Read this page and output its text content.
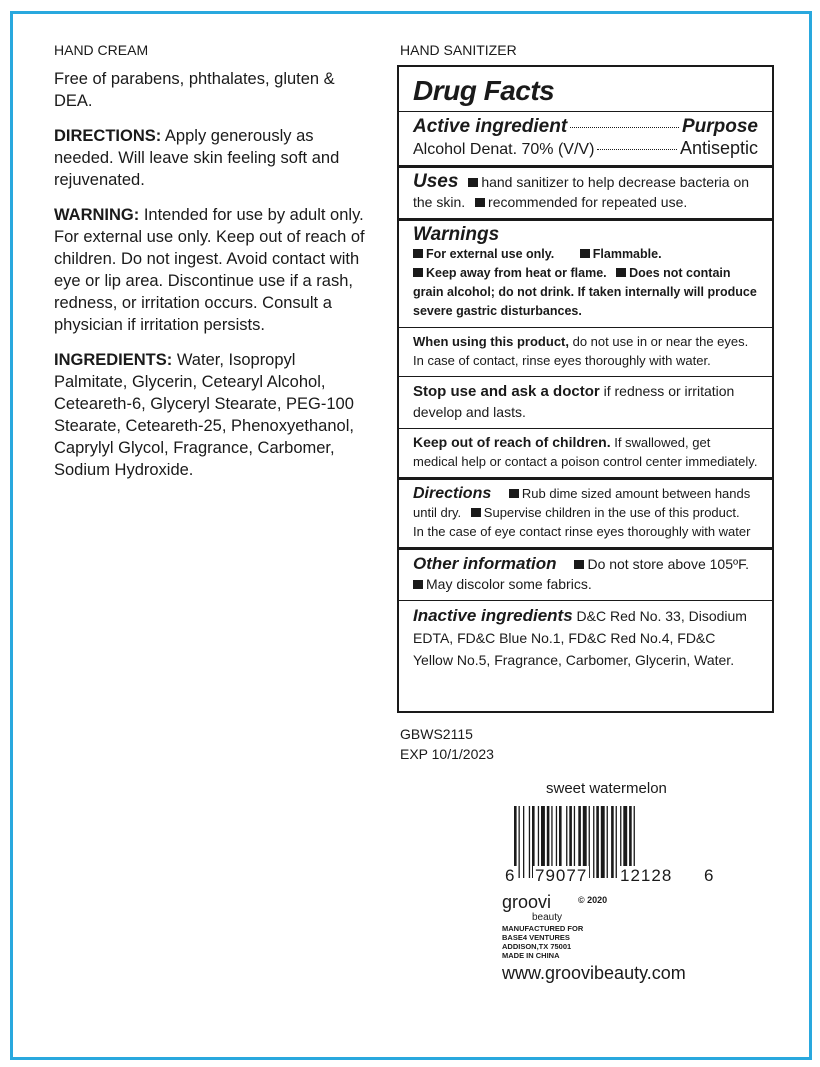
HAND CREAM

Free of parabens, phthalates, gluten & DEA.

DIRECTIONS: Apply generously as needed. Will leave skin feeling soft and rejuvenated.

WARNING: Intended for use by adult only. For external use only. Keep out of reach of children. Do not ingest. Avoid contact with eye or lip area. Discontinue use if a rash, redness, or irritation occurs. Consult a physician if irritation persists.

INGREDIENTS: Water, Isopropyl Palmitate, Glycerin, Cetearyl Alcohol, Ceteareth-6, Glyceryl Stearate, PEG-100 Stearate, Ceteareth-25, Phenoxyethanol, Caprylyl Glycol, Fragrance, Carbomer, Sodium Hydroxide.

HAND SANITIZER
Drug Facts
Active ingredient	Purpose
Alcohol Denat. 70% (V/V)	Antiseptic
Uses hand sanitizer to help decrease bacteria on the skin. recommended for repeated use.
Warnings
For external use only.	Flammable.
Keep away from heat or flame. Does not contain grain alcohol; do not drink. If taken internally will produce severe gastric disturbances.
When using this product, do not use in or near the eyes. In case of contact, rinse eyes thoroughly with water.
Stop use and ask a doctor if redness or irritation develop and lasts.
Keep out of reach of children. If swallowed, get medical help or contact a poison control center immediately.
Directions Rub dime sized amount between hands until dry. Supervise children in the use of this product.
In the case of eye contact rinse eyes thoroughly with water
Other information Do not store above 105ºF.
May discolor some fabrics.
Inactive ingredients D&C Red No. 33, Disodium EDTA, FD&C Blue No.1, FD&C Red No.4, FD&C Yellow No.5, Fragrance, Carbomer, Glycerin, Water.
GBWS2115
EXP 10/1/2023
sweet watermelon
6 79077 12128 6
groovi
beauty
© 2020
MANUFACTURED FOR
BASE4 VENTURES
ADDISON,TX 75001
MADE IN CHINA
www.groovibeauty.com
